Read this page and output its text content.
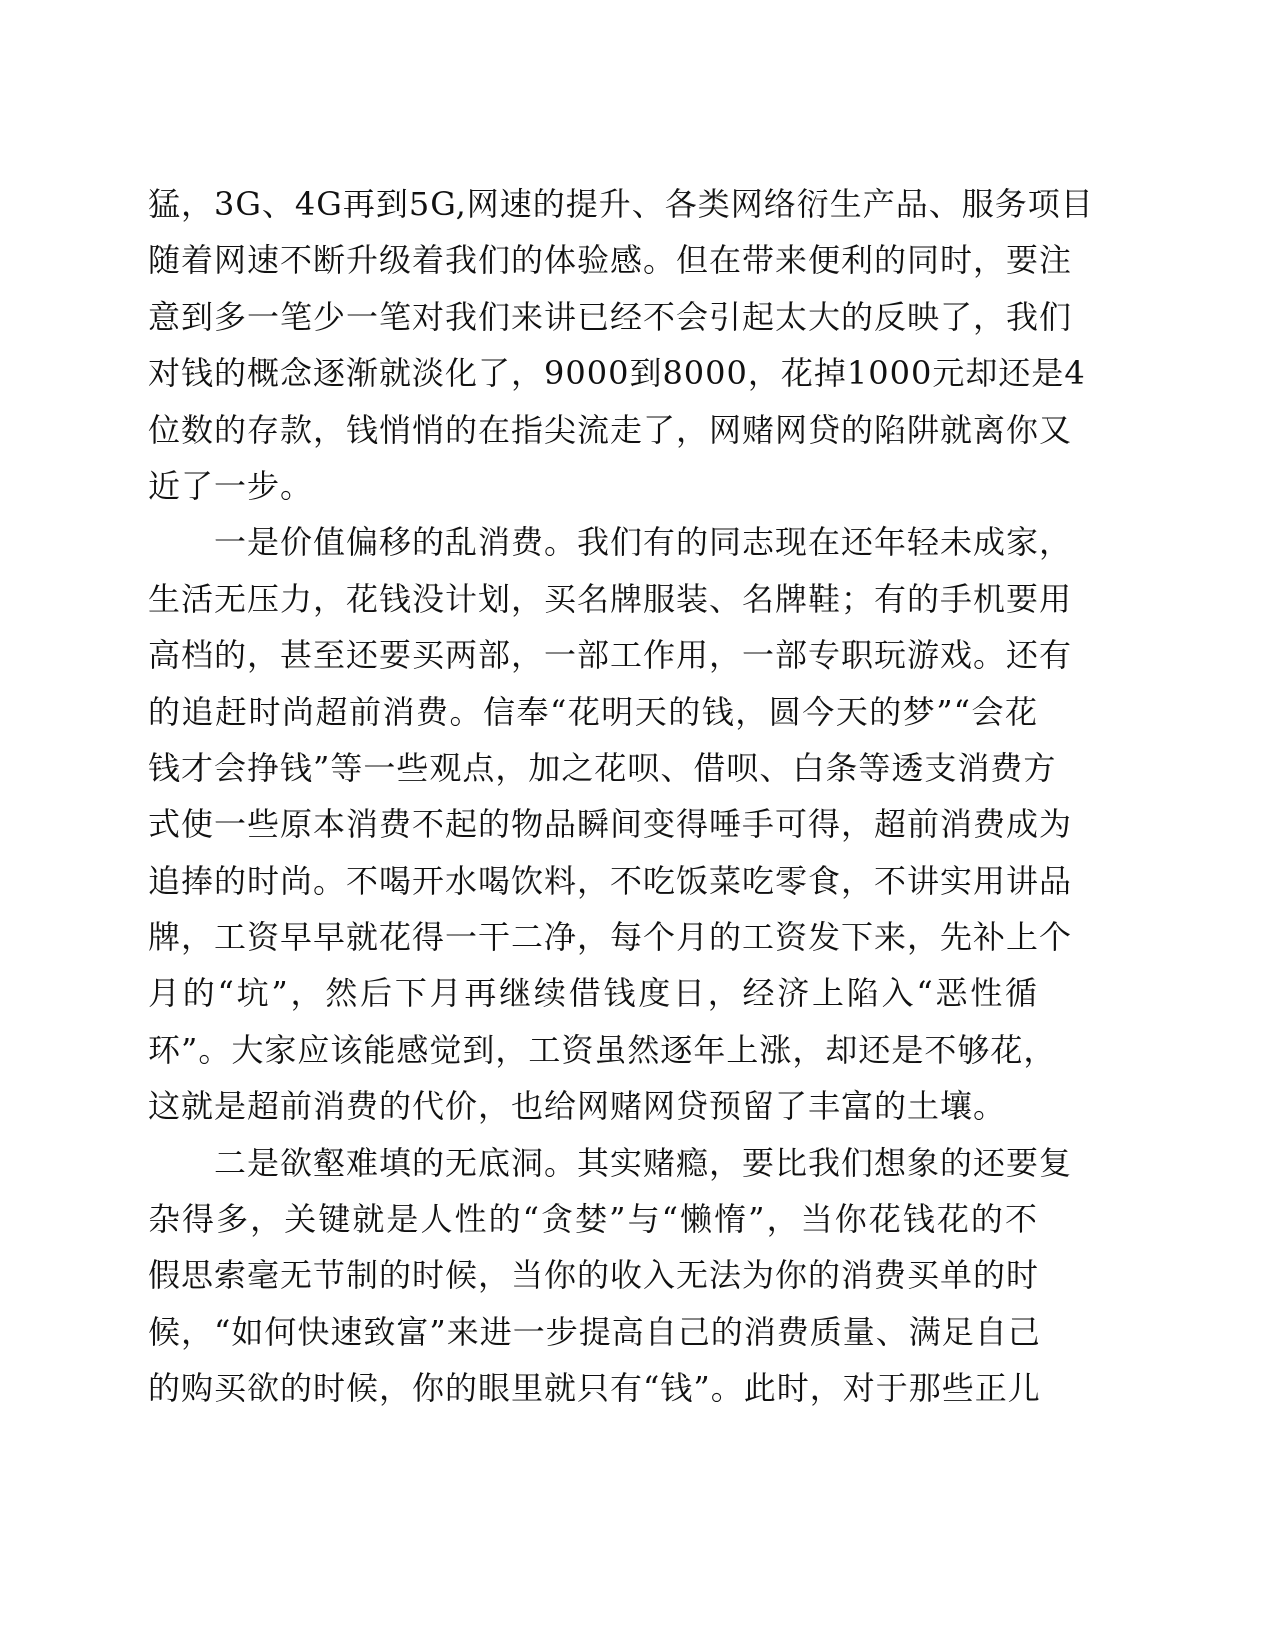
猛，3G、4G再到5G,网速的提升、各类网络衍生产品、服务项目
随着网速不断升级着我们的体验感。但在带来便利的同时，要注
意到多一笔少一笔对我们来讲已经不会引起太大的反映了，我们
对钱的概念逐渐就淡化了，9000到8000，花掉1000元却还是4
位数的存款，钱悄悄的在指尖流走了，网赌网贷的陷阱就离你又
近了一步。
一是价值偏移的乱消费。我们有的同志现在还年轻未成家，
生活无压力，花钱没计划，买名牌服装、名牌鞋；有的手机要用
高档的，甚至还要买两部，一部工作用，一部专职玩游戏。还有
的追赶时尚超前消费。信奉“花明天的钱，圆今天的梦”“会花
钱才会挣钱”等一些观点，加之花呗、借呗、白条等透支消费方
式使一些原本消费不起的物品瞬间变得唾手可得，超前消费成为
追捧的时尚。不喝开水喝饮料，不吃饭菜吃零食，不讲实用讲品
牌，工资早早就花得一干二净，每个月的工资发下来，先补上个
月的“坑”，然后下月再继续借钱度日，经济上陷入“恶性循
环”。大家应该能感觉到，工资虽然逐年上涨，却还是不够花，
这就是超前消费的代价，也给网赌网贷预留了丰富的土壤。
二是欲壑难填的无底洞。其实赌瘾，要比我们想象的还要复
杂得多，关键就是人性的“贪婪”与“懒惰”，当你花钱花的不
假思索毫无节制的时候，当你的收入无法为你的消费买单的时
候，“如何快速致富”来进一步提高自己的消费质量、满足自己
的购买欲的时候，你的眼里就只有“钱”。此时，对于那些正儿
